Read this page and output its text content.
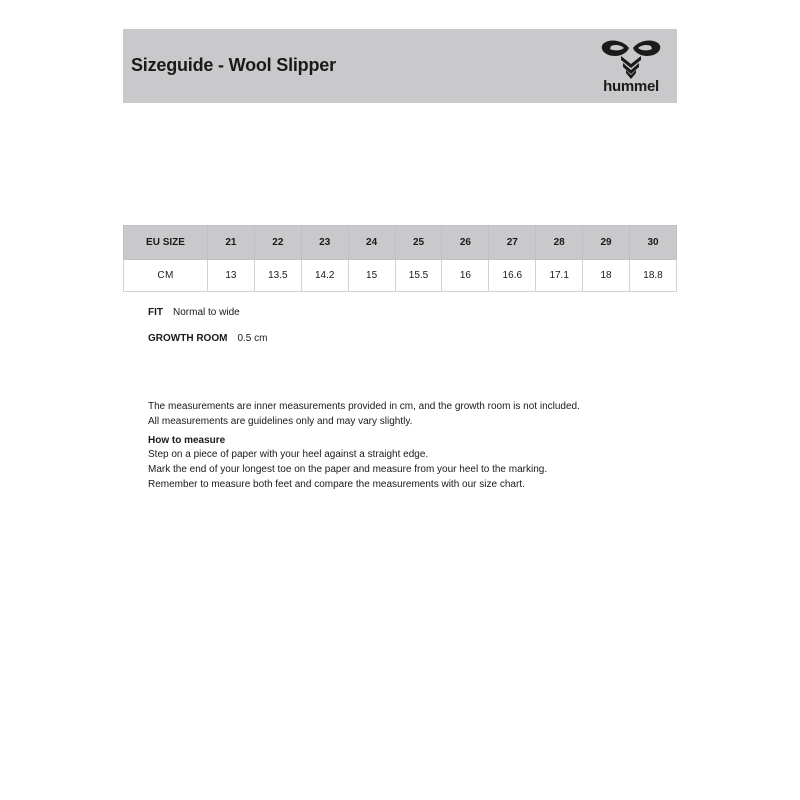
Sizeguide - Wool Slipper
hummel
EU SIZE	21	22	23	24	25	26	27	28	29	30
CM	13	13.5	14.2	15	15.5	16	16.6	17.1	18	18.8
FIT Normal to wide
GROWTH ROOM 0.5 cm
The measurements are inner measurements provided in cm, and the growth room is not included.
All measurements are guidelines only and may vary slightly.
How to measure
Step on a piece of paper with your heel against a straight edge.
Mark the end of your longest toe on the paper and measure from your heel to the marking.
Remember to measure both feet and compare the measurements with our size chart.
